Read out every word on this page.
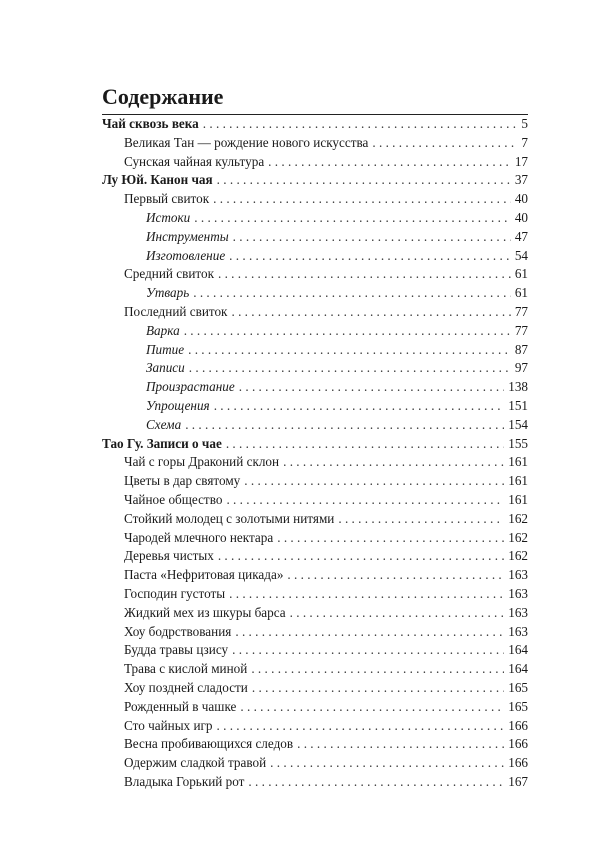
Содержание
Чай сквозь века . . .	5
Великая Тан — рождение нового искусства . . .	7
Сунская чайная культура . . .	17
Лу Юй. Канон чая . . .	37
Первый свиток . . .	40
Истоки . . .	40
Инструменты . . .	47
Изготовление . . .	54
Средний свиток . . .	61
Утварь . . .	61
Последний свиток . . .	77
Варка . . .	77
Питие . . .	87
Записи . . .	97
Произрастание . . .	138
Упрощения . . .	151
Схема . . .	154
Тао Гу. Записи о чае . . .	155
Чай с горы Драконий склон . . .	161
Цветы в дар святому . . .	161
Чайное общество . . .	161
Стойкий молодец с золотыми нитями . . .	162
Чародей млечного нектара . . .	162
Деревья чистых . . .	162
Паста «Нефритовая цикада» . . .	163
Господин густоты . . .	163
Жидкий мех из шкуры барса . . .	163
Хоу бодрствования . . .	163
Будда травы цзису . . .	164
Трава с кислой миной . . .	164
Хоу поздней сладости . . .	165
Рожденный в чашке . . .	165
Сто чайных игр . . .	166
Весна пробивающихся следов . . .	166
Одержим сладкой травой . . .	166
Владыка Горький рот . . .	167
